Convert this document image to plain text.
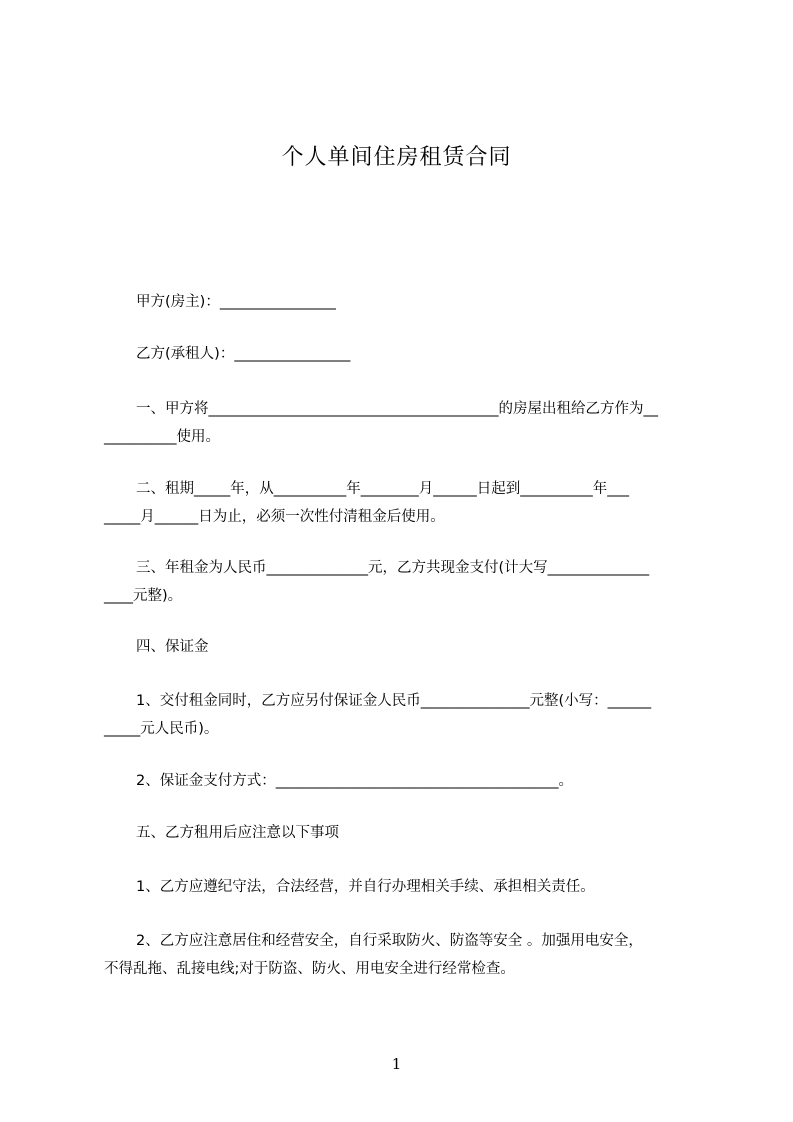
个人单间住房租赁合同
甲方(房主)：________________
乙方(承租人)：________________
一、甲方将________________________________________的房屋出租给乙方作为__
__________使用。
二、租期_____年，从__________年________月______日起到__________年___
_____月______日为止，必须一次性付清租金后使用。
三、年租金为人民币______________元，乙方共现金支付(计大写______________
____元整)。
四、保证金
1、交付租金同时，乙方应另付保证金人民币_______________元整(小写：______
_____元人民币)。
2、保证金支付方式：_______________________________________。
五、乙方租用后应注意以下事项
1、乙方应遵纪守法，合法经营，并自行办理相关手续、承担相关责任。
2、乙方应注意居住和经营安全，自行采取防火、防盗等安全 。加强用电安全，
不得乱拖、乱接电线;对于防盗、防火、用电安全进行经常检查。
1
